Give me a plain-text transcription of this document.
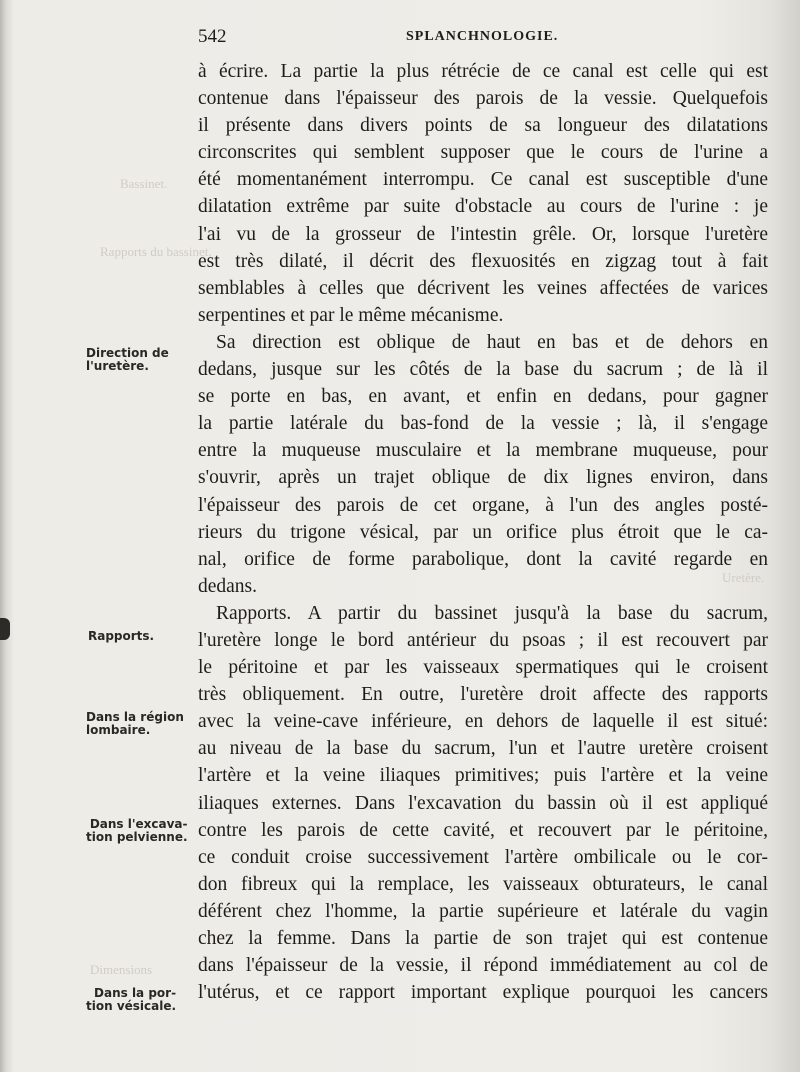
Bassinet.
Rapports du bassinet.
Uretère.
Dimensions
542	SPLANCHNOLOGIE.
Direction de
l'uretère.
Rapports.
Dans la région
lombaire.
Dans l'excava-
tion pelvienne.
Dans la por-
tion vésicale.
à écrire. La partie la plus rétrécie de ce canal est celle qui est
contenue dans l'épaisseur des parois de la vessie. Quelquefois
il présente dans divers points de sa longueur des dilatations
circonscrites qui semblent supposer que le cours de l'urine a
été momentanément interrompu. Ce canal est susceptible d'une
dilatation extrême par suite d'obstacle au cours de l'urine : je
l'ai vu de la grosseur de l'intestin grêle. Or, lorsque l'uretère
est très dilaté, il décrit des flexuosités en zigzag tout à fait
semblables à celles que décrivent les veines affectées de varices
serpentines et par le même mécanisme.
Sa direction est oblique de haut en bas et de dehors en
dedans, jusque sur les côtés de la base du sacrum ; de là il
se porte en bas, en avant, et enfin en dedans, pour gagner
la partie latérale du bas-fond de la vessie ; là, il s'engage
entre la muqueuse musculaire et la membrane muqueuse, pour
s'ouvrir, après un trajet oblique de dix lignes environ, dans
l'épaisseur des parois de cet organe, à l'un des angles posté-
rieurs du trigone vésical, par un orifice plus étroit que le ca-
nal, orifice de forme parabolique, dont la cavité regarde en
dedans.
Rapports. A partir du bassinet jusqu'à la base du sacrum,
l'uretère longe le bord antérieur du psoas ; il est recouvert par
le péritoine et par les vaisseaux spermatiques qui le croisent
très obliquement. En outre, l'uretère droit affecte des rapports
avec la veine-cave inférieure, en dehors de laquelle il est situé:
au niveau de la base du sacrum, l'un et l'autre uretère croisent
l'artère et la veine iliaques primitives; puis l'artère et la veine
iliaques externes. Dans l'excavation du bassin où il est appliqué
contre les parois de cette cavité, et recouvert par le péritoine,
ce conduit croise successivement l'artère ombilicale ou le cor-
don fibreux qui la remplace, les vaisseaux obturateurs, le canal
déférent chez l'homme, la partie supérieure et latérale du vagin
chez la femme. Dans la partie de son trajet qui est contenue
dans l'épaisseur de la vessie, il répond immédiatement au col de
l'utérus, et ce rapport important explique pourquoi les cancers
